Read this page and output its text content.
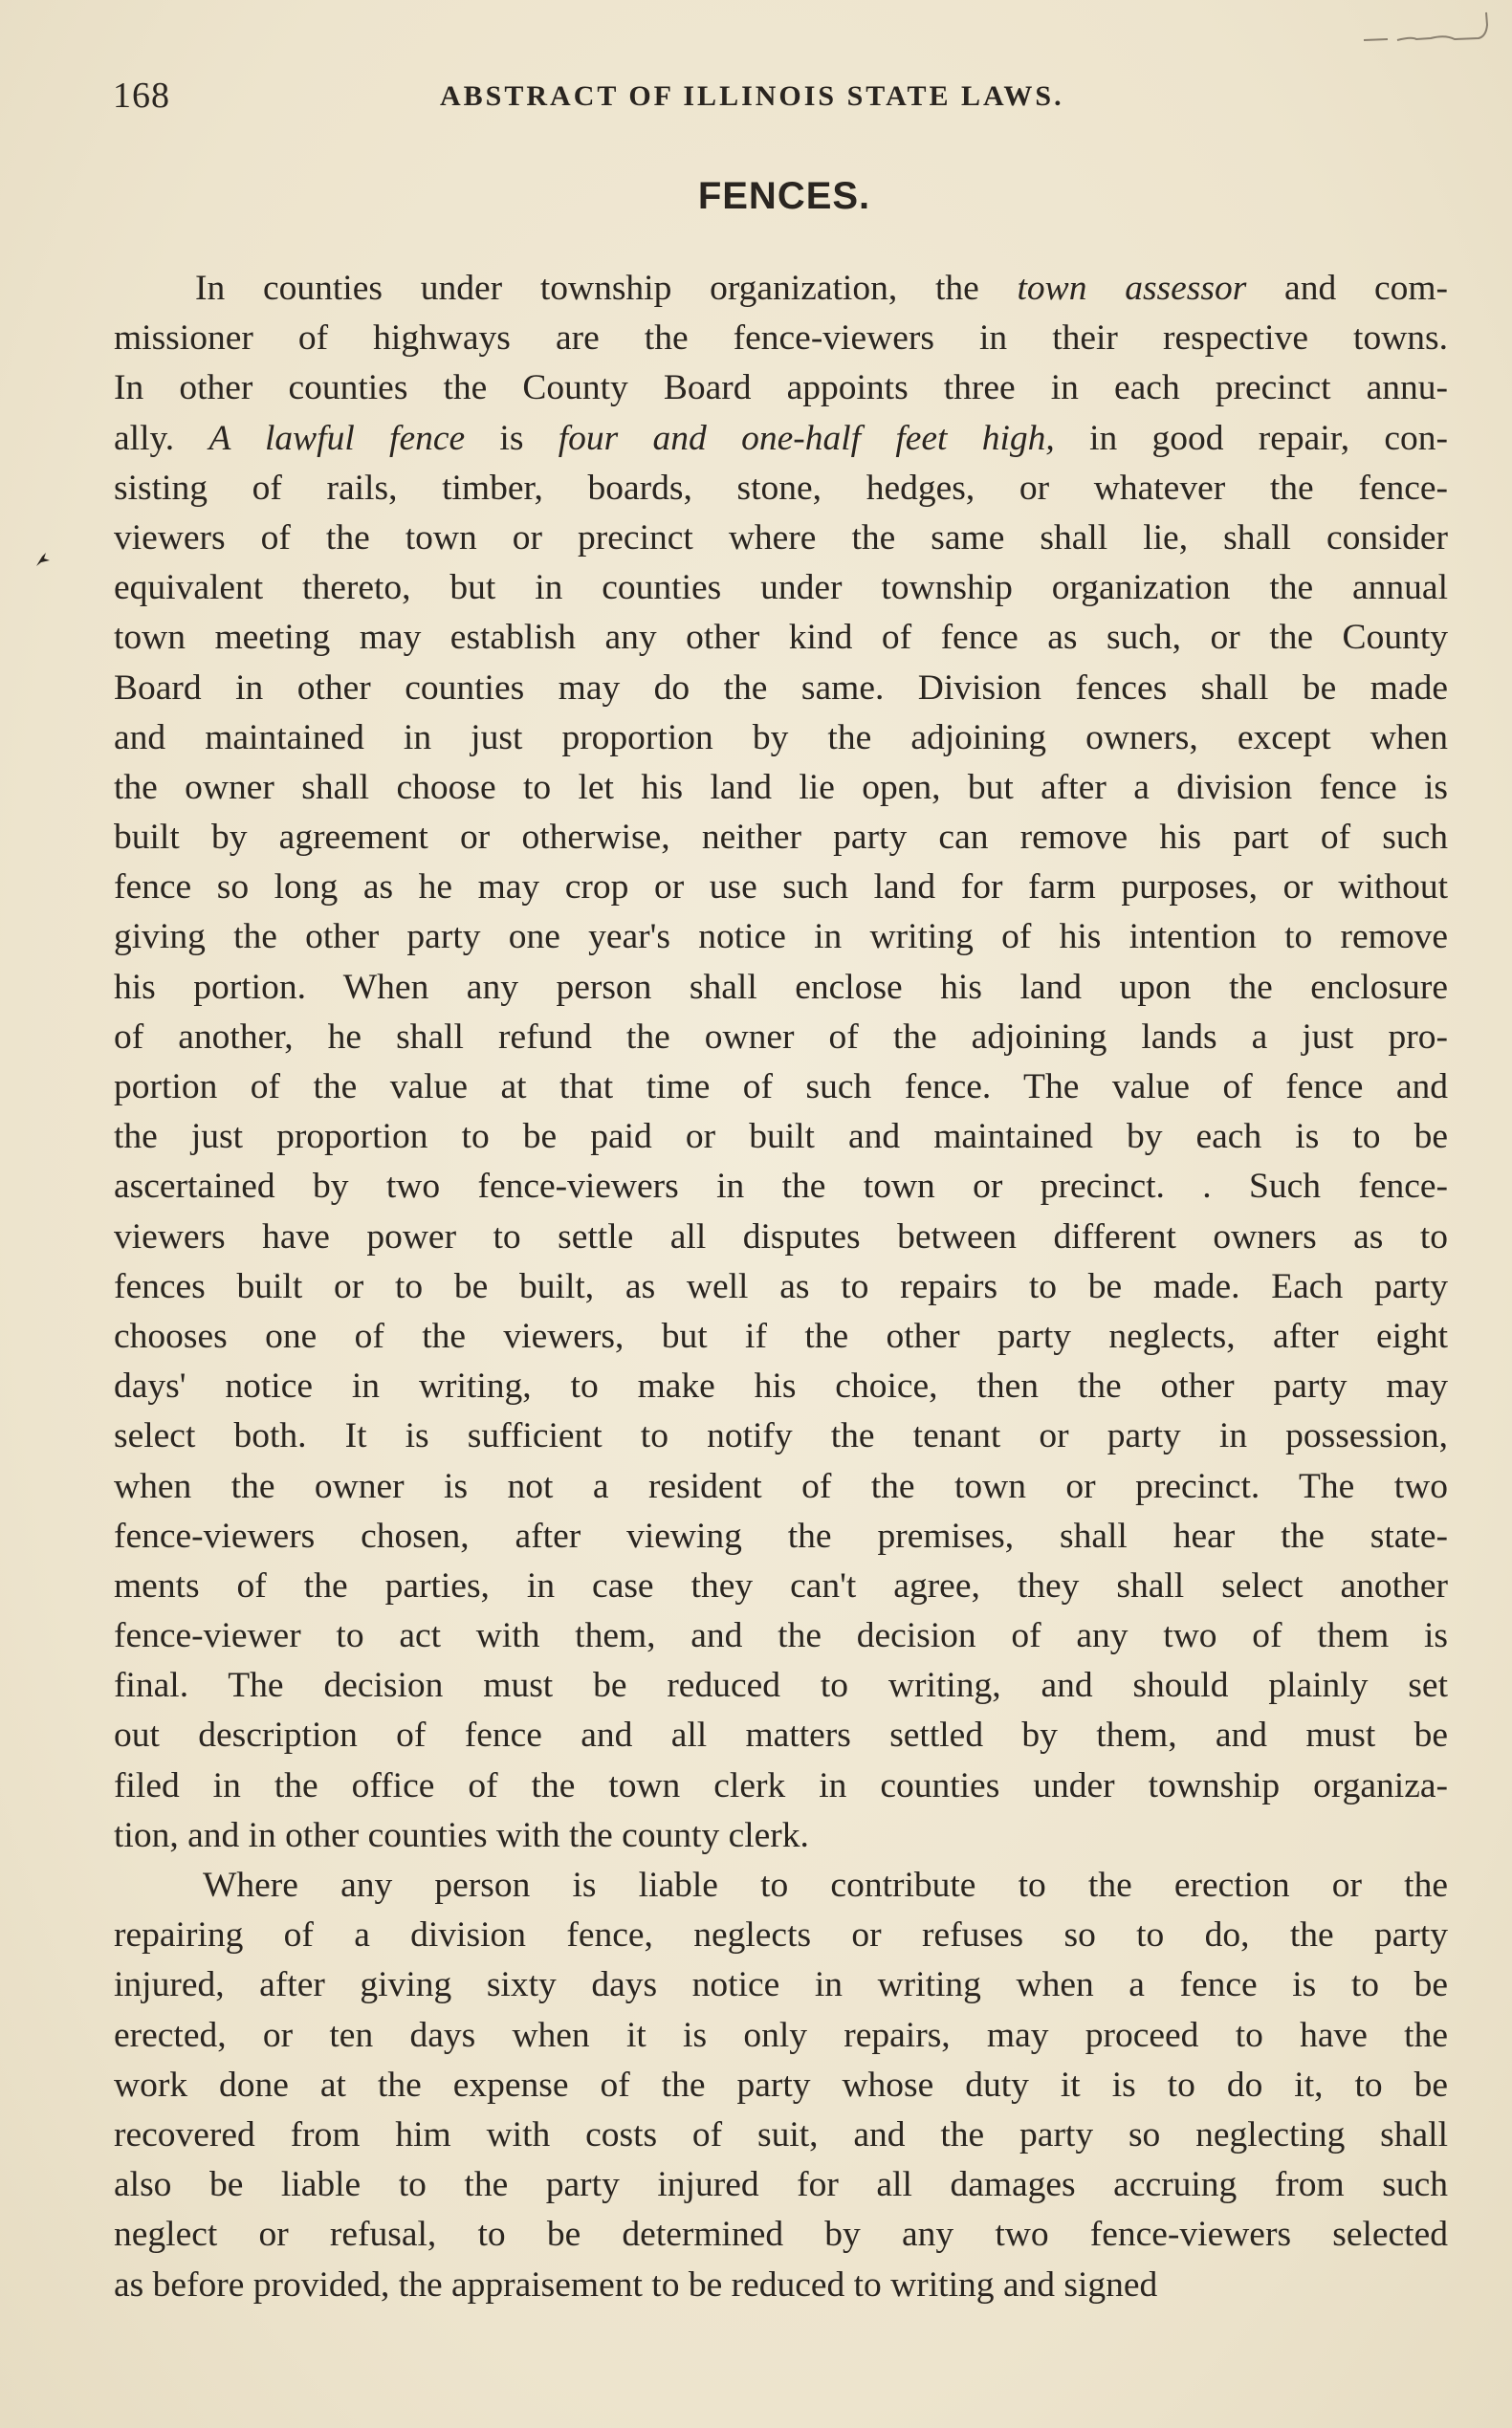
168	ABSTRACT OF ILLINOIS STATE LAWS.
FENCES.
In counties under township organization, the town assessor and com-
missioner of highways are the fence-viewers in their respective towns.
In other counties the County Board appoints three in each precinct annu-
ally. A lawful fence is four and one-half feet high, in good repair, con-
sisting of rails, timber, boards, stone, hedges, or whatever the fence-
viewers of the town or precinct where the same shall lie, shall consider
equivalent thereto, but in counties under township organization the annual
town meeting may establish any other kind of fence as such, or the County
Board in other counties may do the same. Division fences shall be made
and maintained in just proportion by the adjoining owners, except when
the owner shall choose to let his land lie open, but after a division fence is
built by agreement or otherwise, neither party can remove his part of such
fence so long as he may crop or use such land for farm purposes, or without
giving the other party one year's notice in writing of his intention to remove
his portion. When any person shall enclose his land upon the enclosure
of another, he shall refund the owner of the adjoining lands a just pro-
portion of the value at that time of such fence. The value of fence and
the just proportion to be paid or built and maintained by each is to be
ascertained by two fence-viewers in the town or precinct. . Such fence-
viewers have power to settle all disputes between different owners as to
fences built or to be built, as well as to repairs to be made. Each party
chooses one of the viewers, but if the other party neglects, after eight
days' notice in writing, to make his choice, then the other party may
select both. It is sufficient to notify the tenant or party in possession,
when the owner is not a resident of the town or precinct. The two
fence-viewers chosen, after viewing the premises, shall hear the state-
ments of the parties, in case they can't agree, they shall select another
fence-viewer to act with them, and the decision of any two of them is
final. The decision must be reduced to writing, and should plainly set
out description of fence and all matters settled by them, and must be
filed in the office of the town clerk in counties under township organiza-
tion, and in other counties with the county clerk.
Where any person is liable to contribute to the erection or the
repairing of a division fence, neglects or refuses so to do, the party
injured, after giving sixty days notice in writing when a fence is to be
erected, or ten days when it is only repairs, may proceed to have the
work done at the expense of the party whose duty it is to do it, to be
recovered from him with costs of suit, and the party so neglecting shall
also be liable to the party injured for all damages accruing from such
neglect or refusal, to be determined by any two fence-viewers selected
as before provided, the appraisement to be reduced to writing and signed
